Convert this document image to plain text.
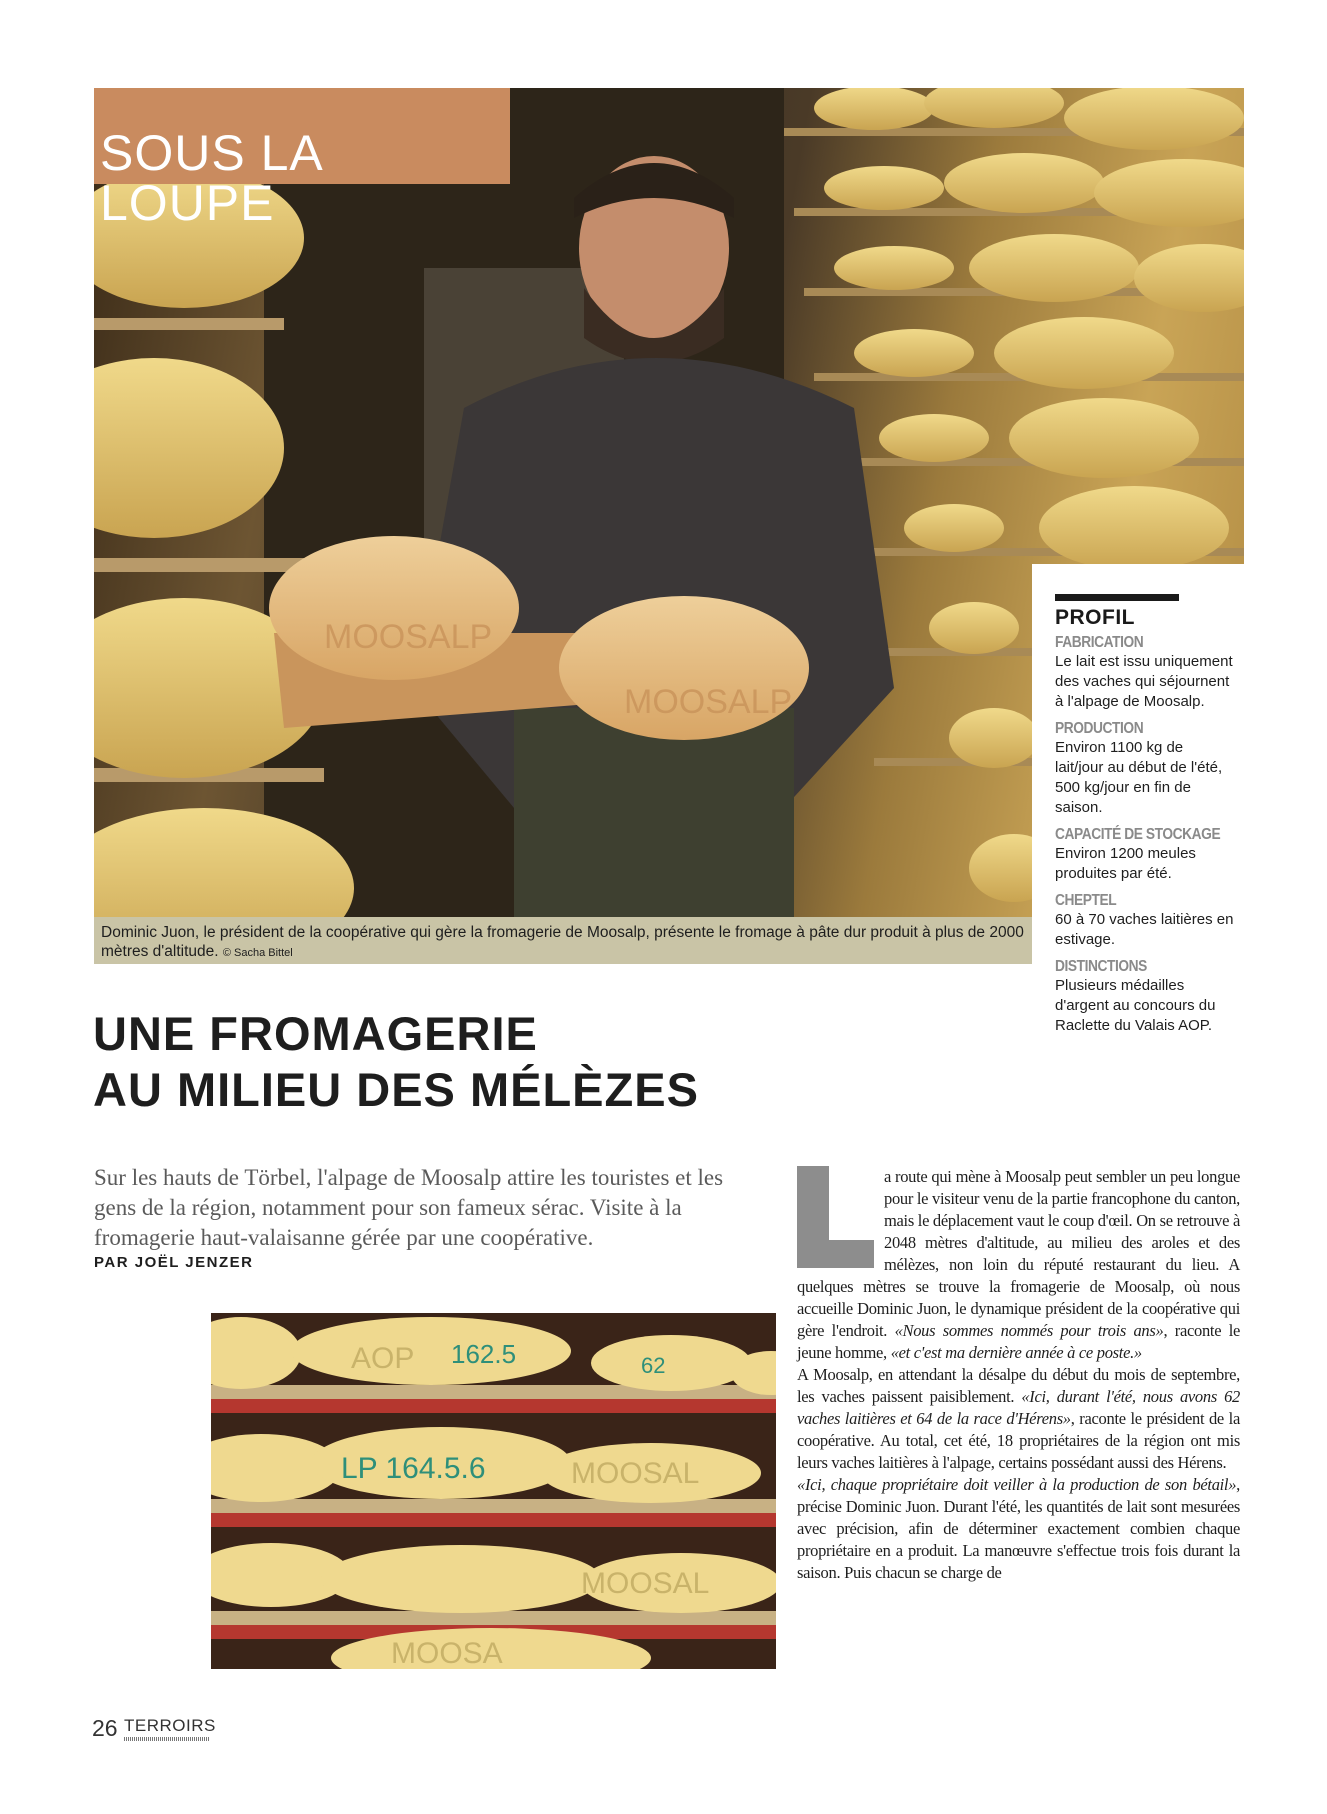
MOOSALP
MOOSALP
SOUS LA LOUPE
Dominic Juon, le président de la coopérative qui gère la fromagerie de Moosalp, présente le fromage à pâte dur produit à plus de 2000 mètres d'altitude. © Sacha Bittel
PROFIL
FABRICATION

Le lait est issu uniquement des vaches qui séjournent à l'alpage de Moosalp.

PRODUCTION

Environ 1100 kg de lait/jour au début de l'été, 500 kg/jour en fin de saison.

CAPACITÉ DE STOCKAGE

Environ 1200 meules produites par été.

CHEPTEL

60 à 70 vaches laitières en estivage.

DISTINCTIONS

Plusieurs médailles d'argent au concours du Raclette du Valais AOP.

UNE FROMAGERIE
AU MILIEU DES MÉLÈZES

Sur les hauts de Törbel, l'alpage de Moosalp attire les touristes et les gens de la région, notamment pour son fameux sérac. Visite à la fromagerie haut-valaisanne gérée par une coopérative.

PAR JOËL JENZER
AOP 162.5	62
LP 164.5.6	MOOSAL
MOOSAL
MOOSA

a route qui mène à Moosalp peut sembler un peu longue pour le visiteur venu de la partie francophone du canton, mais le déplacement vaut le coup d'œil. On se retrouve à 2048 mètres d'altitude, au milieu des aroles et des mélèzes, non loin du réputé restaurant du lieu. A quelques mètres se trouve la fromagerie de Moosalp, où nous accueille Dominic Juon, le dynamique président de la coopérative qui gère l'endroit. «Nous sommes nommés pour trois ans», raconte le jeune homme, «et c'est ma dernière année à ce poste.»

A Moosalp, en attendant la désalpe du début du mois de septembre, les vaches paissent paisiblement. «Ici, durant l'été, nous avons 62 vaches laitières et 64 de la race d'Hérens», raconte le président de la coopérative. Au total, cet été, 18 propriétaires de la région ont mis leurs vaches laitières à l'alpage, certains possédant aussi des Hérens.

«Ici, chaque propriétaire doit veiller à la production de son bétail», précise Dominic Juon. Durant l'été, les quantités de lait sont mesurées avec précision, afin de déterminer exactement combien chaque propriétaire en a produit. La manœuvre s'effectue trois fois durant la saison. Puis chacun se charge de

26 TERROIRS
